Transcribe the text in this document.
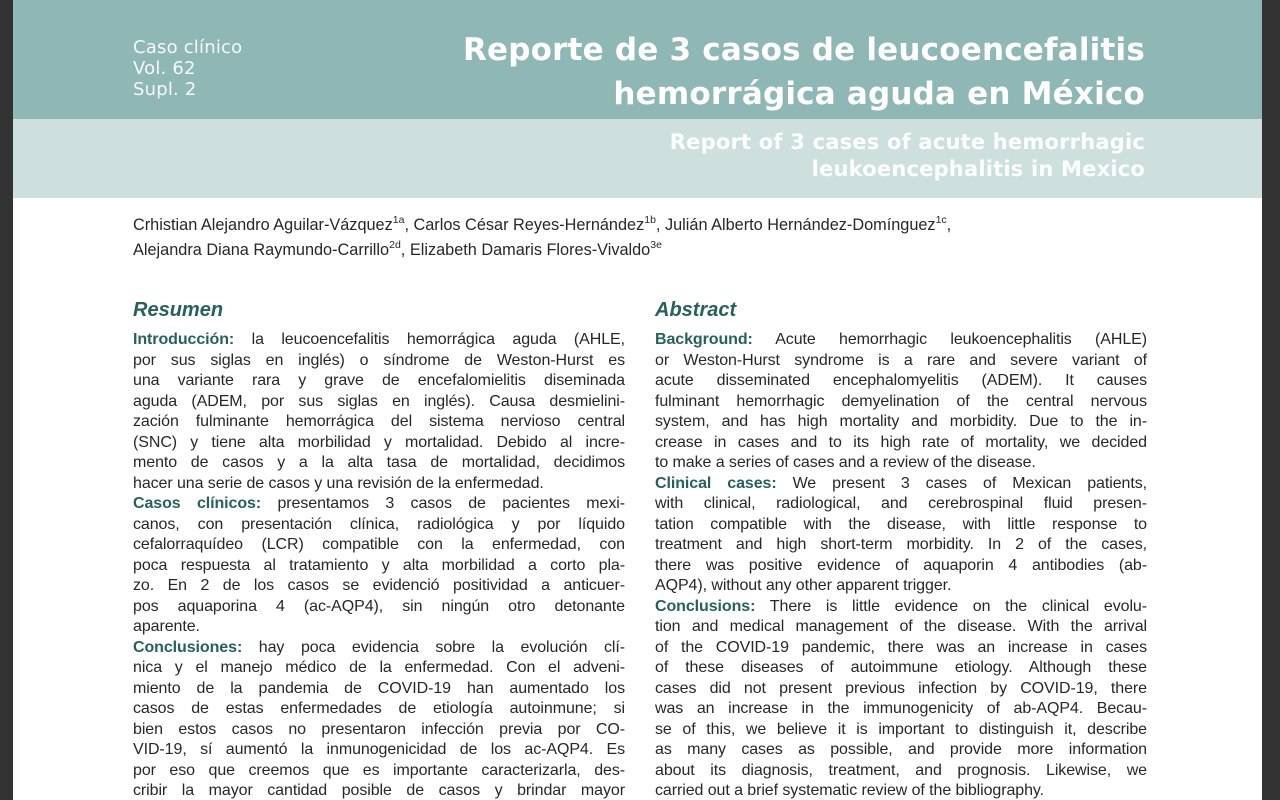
Caso clínico
Vol. 62
Supl. 2
Reporte de 3 casos de leucoencefalitis
hemorrágica aguda en México
Report of 3 cases of acute hemorrhagic
leukoencephalitis in Mexico
Crhistian Alejandro Aguilar-Vázquez$^{1a}$, Carlos César Reyes-Hernández$^{1b}$, Julián Alberto Hernández-Domínguez$^{1c}$,
Alejandra Diana Raymundo-Carrillo$^{2d}$, Elizabeth Damaris Flores-Vivaldo$^{3e}$
Resumen
Introducción: la leucoencefalitis hemorrágica aguda (AHLE,
por sus siglas en inglés) o síndrome de Weston-Hurst es
una variante rara y grave de encefalomielitis diseminada
aguda (ADEM, por sus siglas en inglés). Causa desmielini-
zación fulminante hemorrágica del sistema nervioso central
(SNC) y tiene alta morbilidad y mortalidad. Debido al incre-
mento de casos y a la alta tasa de mortalidad, decidimos
hacer una serie de casos y una revisión de la enfermedad.
Casos clínicos: presentamos 3 casos de pacientes mexi-
canos, con presentación clínica, radiológica y por líquido
cefalorraquídeo (LCR) compatible con la enfermedad, con
poca respuesta al tratamiento y alta morbilidad a corto pla-
zo. En 2 de los casos se evidenció positividad a anticuer-
pos aquaporina 4 (ac-AQP4), sin ningún otro detonante
aparente.
Conclusiones: hay poca evidencia sobre la evolución clí-
nica y el manejo médico de la enfermedad. Con el adveni-
miento de la pandemia de COVID-19 han aumentado los
casos de estas enfermedades de etiología autoinmune; si
bien estos casos no presentaron infección previa por CO-
VID-19, sí aumentó la inmunogenicidad de los ac-AQP4. Es
por eso que creemos que es importante caracterizarla, des-
cribir la mayor cantidad posible de casos y brindar mayor
Abstract
Background: Acute hemorrhagic leukoencephalitis (AHLE)
or Weston-Hurst syndrome is a rare and severe variant of
acute disseminated encephalomyelitis (ADEM). It causes
fulminant hemorrhagic demyelination of the central nervous
system, and has high mortality and morbidity. Due to the in-
crease in cases and to its high rate of mortality, we decided
to make a series of cases and a review of the disease.
Clinical cases: We present 3 cases of Mexican patients,
with clinical, radiological, and cerebrospinal fluid presen-
tation compatible with the disease, with little response to
treatment and high short-term morbidity. In 2 of the cases,
there was positive evidence of aquaporin 4 antibodies (ab-
AQP4), without any other apparent trigger.
Conclusions: There is little evidence on the clinical evolu-
tion and medical management of the disease. With the arrival
of the COVID-19 pandemic, there was an increase in cases
of these diseases of autoimmune etiology. Although these
cases did not present previous infection by COVID-19, there
was an increase in the immunogenicity of ab-AQP4. Becau-
se of this, we believe it is important to distinguish it, describe
as many cases as possible, and provide more information
about its diagnosis, treatment, and prognosis. Likewise, we
carried out a brief systematic review of the bibliography.
